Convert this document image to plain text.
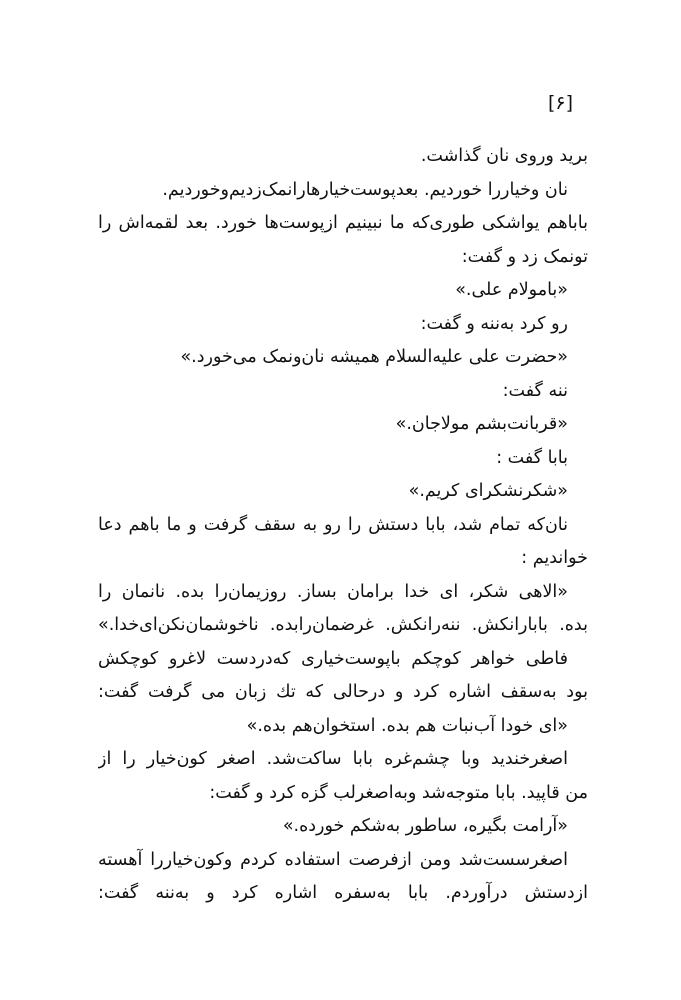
[۶]
برید وروی نان گذاشت.
نان وخیاررا خوردیم. بعدپوست‌خیارهارانمک‌زدیم‌وخوردیم.
باباهم یواشکی طوری‌که ما نبینیم ازپوست‌ها خورد. بعد لقمه‌اش را
تونمک زد و گفت:
«بامولام علی.»
رو کرد به‌ننه و گفت:
«حضرت علی علیه‌السلام همیشه نان‌ونمک می‌خورد.»
ننه گفت:
«قربانت‌بشم مولاجان.»
بابا گفت :
«شکرنشکرای کریم.»
نان‌که تمام شد، بابا دستش را رو به سقف گرفت و ما باهم دعا
خواندیم :
«الاهی شکر، ای خدا برامان بساز. روزیمان‌را بده. نانمان را
بده. بابارانکش. ننه‌رانکش. غرضمان‌رابده. ناخوشمان‌نکن‌ای‌خدا.»
فاطی خواهر کوچکم باپوست‌خیاری که‌دردست لاغرو کوچکش
بود به‌سقف اشاره کرد و درحالی که تك زبان می گرفت گفت:
«ای خودا آب‌نبات هم بده. استخوان‌هم بده.»
اصغرخندید وبا چشم‌غره بابا ساکت‌شد. اصغر کون‌خیار را از
من قاپید. بابا متوجه‌شد وبه‌اصغرلب گزه کرد و گفت:
«آرامت بگیره، ساطور به‌شکم خورده.»
اصغرسست‌شد ومن ازفرصت استفاده کردم وکون‌خیاررا آهسته
ازدستش درآوردم. بابا به‌سفره اشاره کرد و به‌ننه گفت:
